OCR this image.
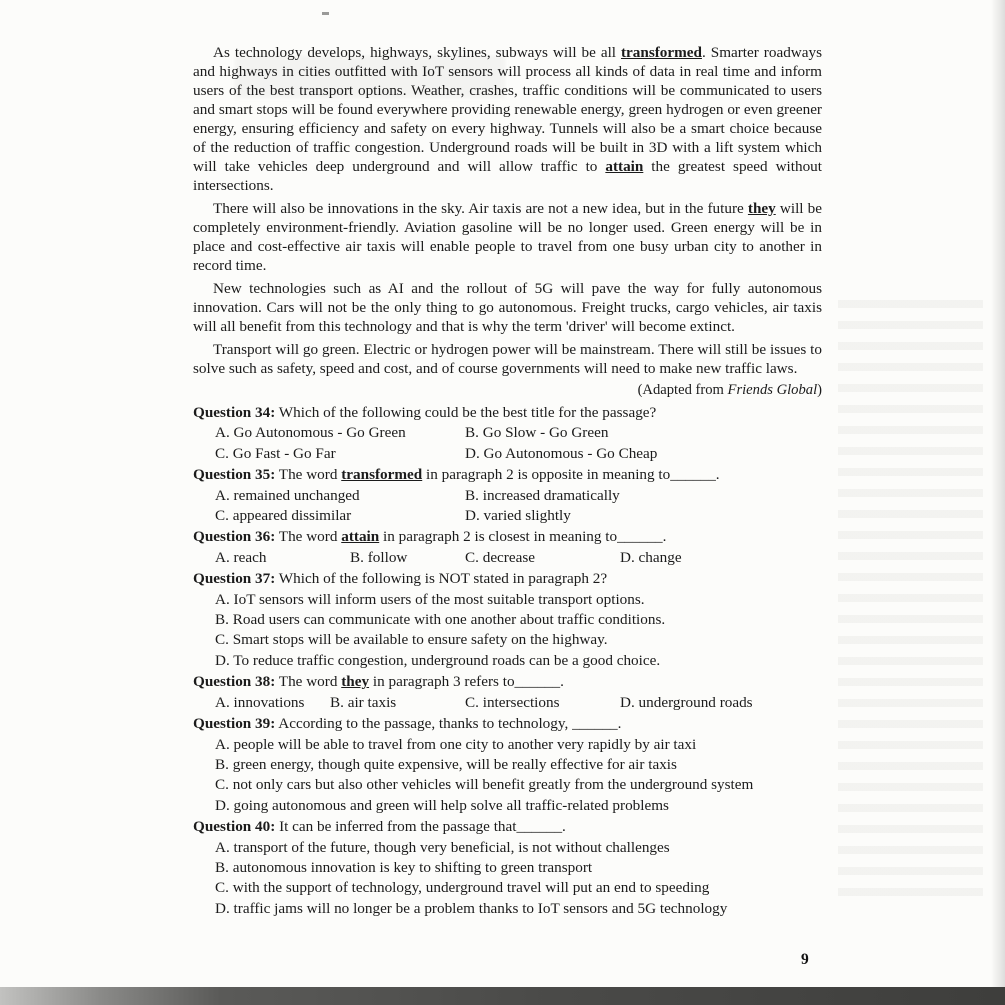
As technology develops, highways, skylines, subways will be all transformed. Smarter roadways and highways in cities outfitted with IoT sensors will process all kinds of data in real time and inform users of the best transport options. Weather, crashes, traffic conditions will be communicated to users and smart stops will be found everywhere providing renewable energy, green hydrogen or even greener energy, ensuring efficiency and safety on every highway. Tunnels will also be a smart choice because of the reduction of traffic congestion. Underground roads will be built in 3D with a lift system which will take vehicles deep underground and will allow traffic to attain the greatest speed without intersections.

There will also be innovations in the sky. Air taxis are not a new idea, but in the future they will be completely environment-friendly. Aviation gasoline will be no longer used. Green energy will be in place and cost-effective air taxis will enable people to travel from one busy urban city to another in record time.

New technologies such as AI and the rollout of 5G will pave the way for fully autonomous innovation. Cars will not be the only thing to go autonomous. Freight trucks, cargo vehicles, air taxis will all benefit from this technology and that is why the term 'driver' will become extinct.

Transport will go green. Electric or hydrogen power will be mainstream. There will still be issues to solve such as safety, speed and cost, and of course governments will need to make new traffic laws.

(Adapted from Friends Global)

Question 34: Which of the following could be the best title for the passage?

A. Go Autonomous - Go Green	B. Go Slow - Go Green
C. Go Fast - Go Far	D. Go Autonomous - Go Cheap

Question 35: The word transformed in paragraph 2 is opposite in meaning to______.

A. remained unchanged	B. increased dramatically
C. appeared dissimilar	D. varied slightly

Question 36: The word attain in paragraph 2 is closest in meaning to______.

A. reach	B. follow	C. decrease	D. change

Question 37: Which of the following is NOT stated in paragraph 2?

A. IoT sensors will inform users of the most suitable transport options.

B. Road users can communicate with one another about traffic conditions.

C. Smart stops will be available to ensure safety on the highway.

D. To reduce traffic congestion, underground roads can be a good choice.

Question 38: The word they in paragraph 3 refers to______.

A. innovations	B. air taxis	C. intersections	D. underground roads

Question 39: According to the passage, thanks to technology, ______.

A. people will be able to travel from one city to another very rapidly by air taxi

B. green energy, though quite expensive, will be really effective for air taxis

C. not only cars but also other vehicles will benefit greatly from the underground system

D. going autonomous and green will help solve all traffic-related problems

Question 40: It can be inferred from the passage that______.

A. transport of the future, though very beneficial, is not without challenges

B. autonomous innovation is key to shifting to green transport

C. with the support of technology, underground travel will put an end to speeding

D. traffic jams will no longer be a problem thanks to IoT sensors and 5G technology

9
